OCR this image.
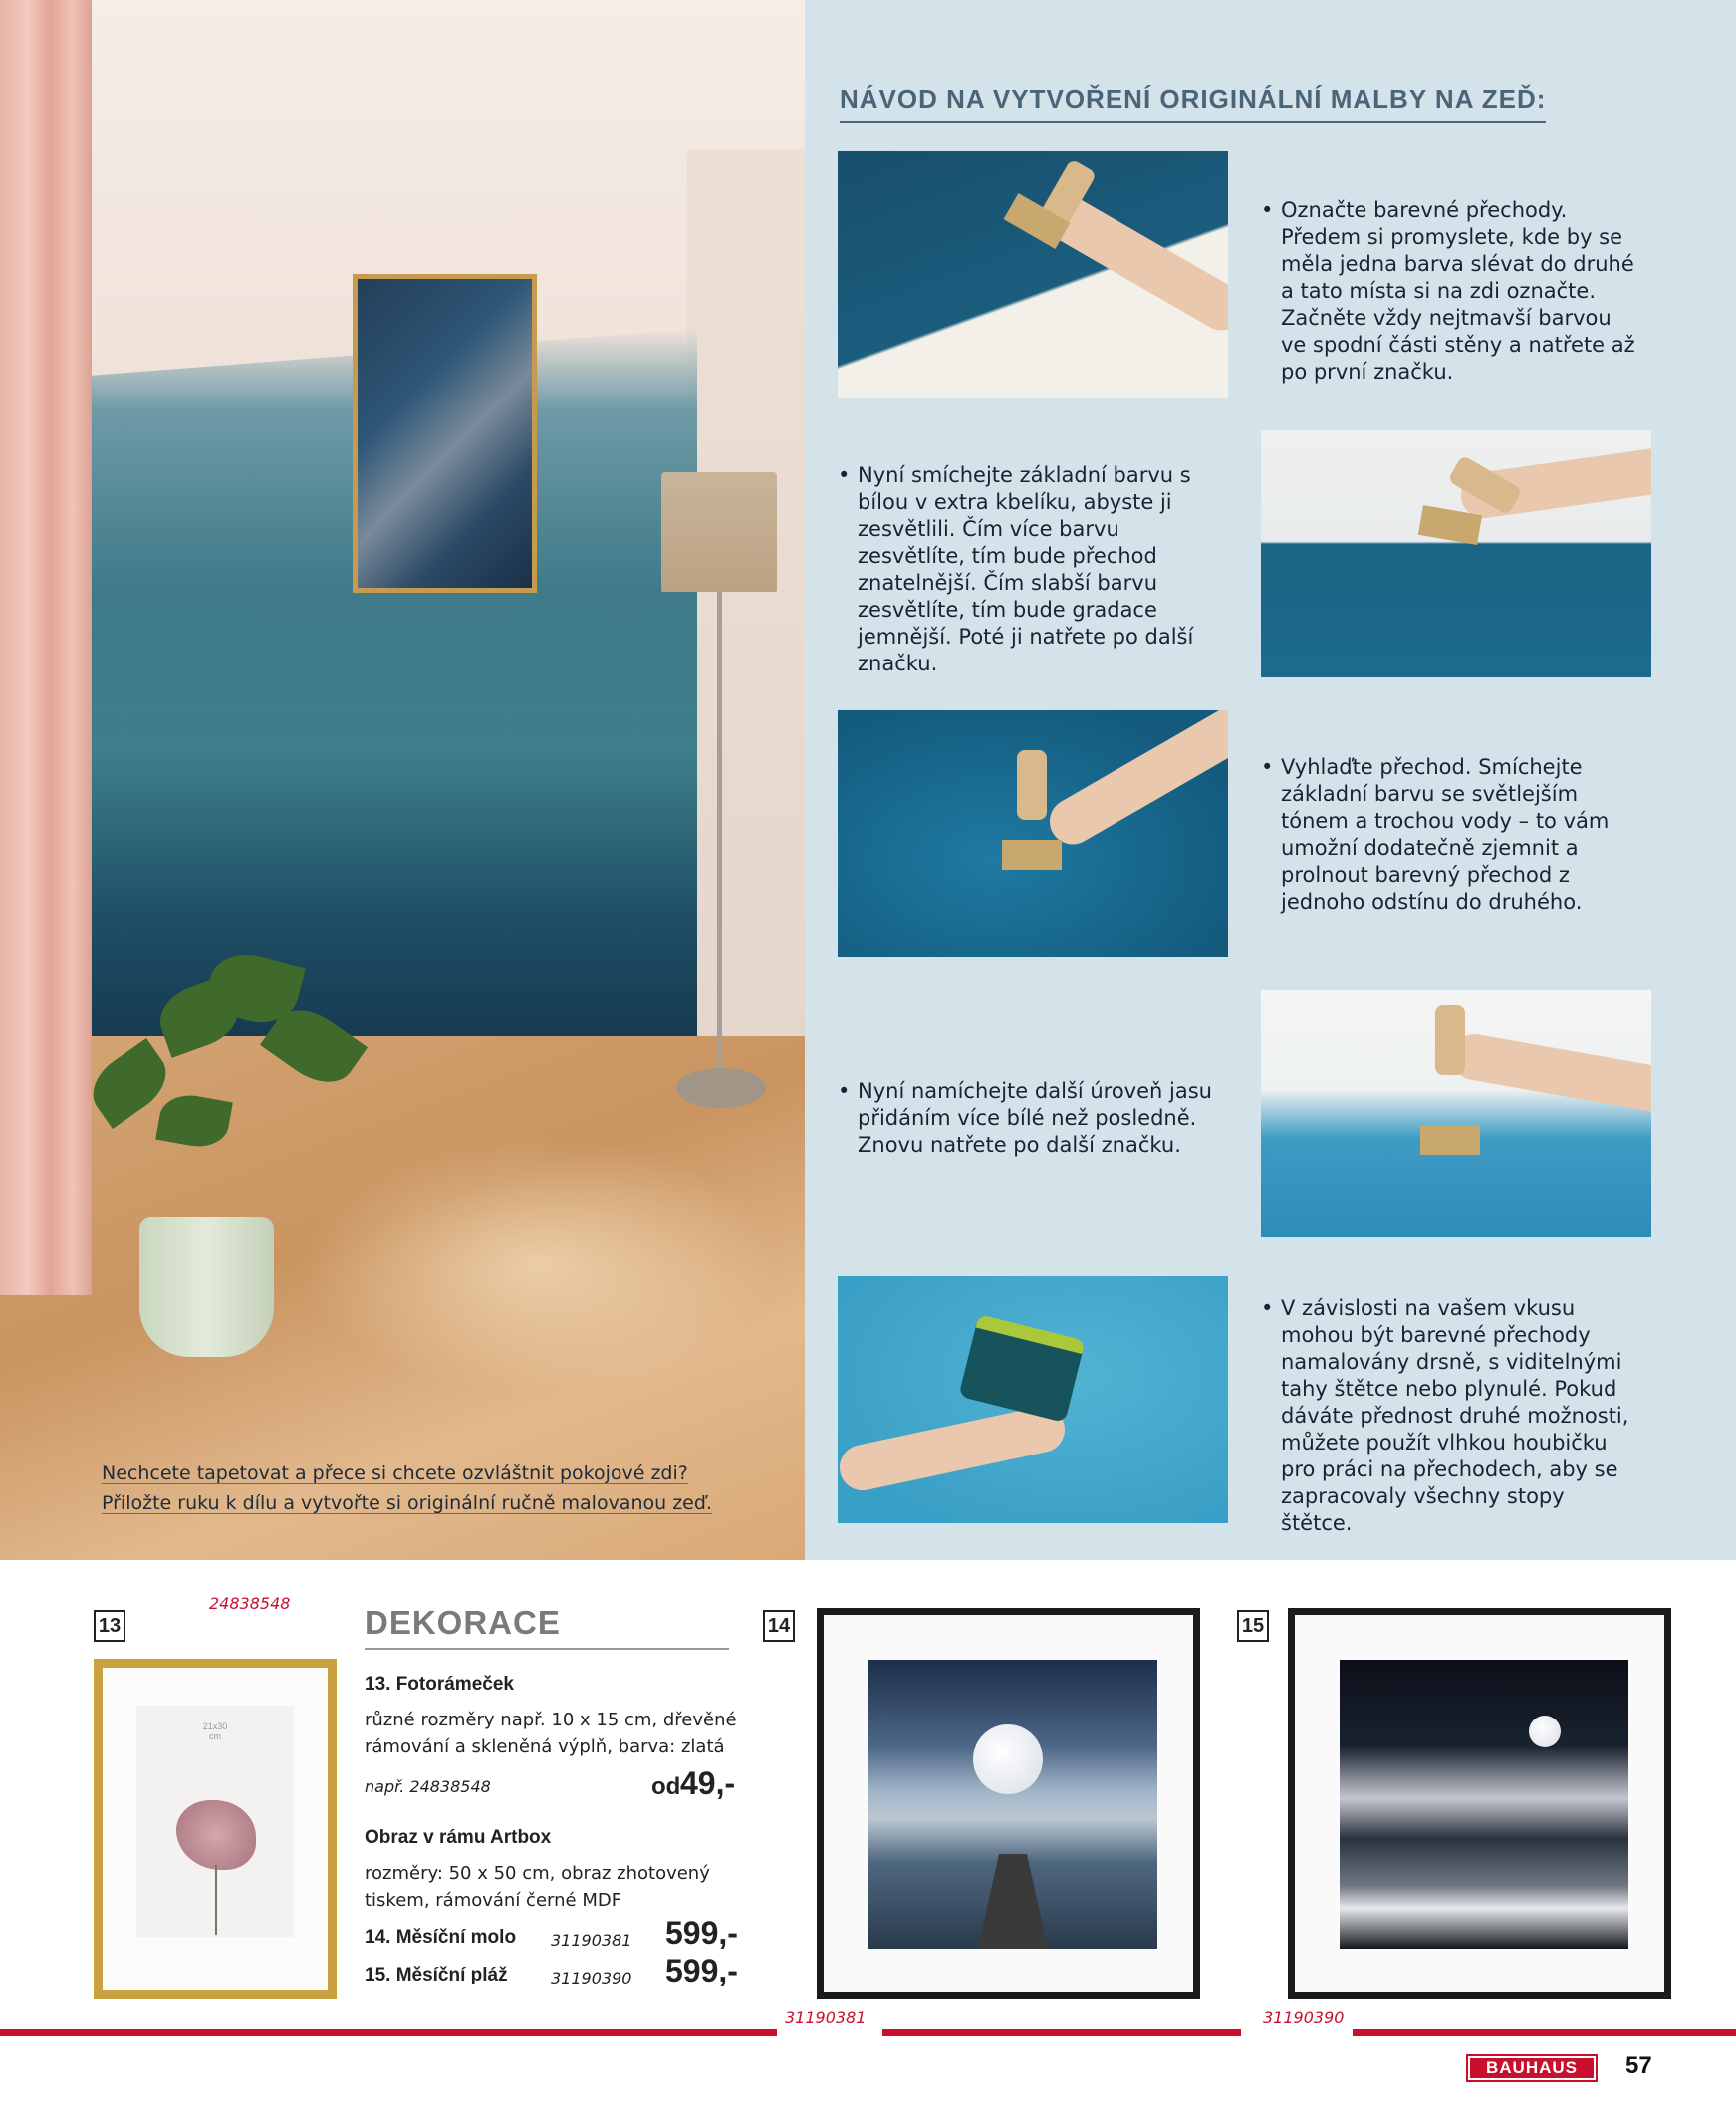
Nechcete tapetovat a přece si chcete ozvláštnit pokojové zdi?

Přiložte ruku k dílu a vytvořte si originální ručně malovanou zeď.

NÁVOD NA VYTVOŘENÍ ORIGINÁLNÍ MALBY NA ZEĎ:
• Označte barevné přechody. Předem si promyslete, kde by se měla jedna barva slévat do druhé a tato místa si na zdi označte. Začněte vždy nejtmavší barvou ve spodní části stěny a natřete až po první značku.
• Nyní smíchejte základní barvu s bílou v extra kbelíku, abyste ji zesvětlili. Čím více barvu zesvětlíte, tím bude přechod znatelnější. Čím slabší barvu zesvětlíte, tím bude gradace jemnější. Poté ji natřete po další značku.
• Vyhlaďte přechod. Smíchejte základní barvu se světlejším tónem a trochou vody – to vám umožní dodatečně zjemnit a prolnout barevný přechod z jednoho odstínu do druhého.
• Nyní namíchejte další úroveň jasu přidáním více bílé než posledně. Znovu natřete po další značku.
• V závislosti na vašem vkusu mohou být barevné přechody namalovány drsně, s viditelnými tahy štětce nebo plynulé. Pokud dáváte přednost druhé možnosti, můžete použít vlhkou houbičku pro práci na přechodech, aby se zapracovaly všechny stopy štětce.
13
24838548
21x30 cm
DEKORACE
13. Fotorámeček
různé rozměry např. 10 x 15 cm, dřevěné
rámování a skleněná výplň, barva: zlatá
např. 24838548	od 49,-
Obraz v rámu Artbox
rozměry: 50 x 50 cm, obraz zhotovený
tiskem, rámování černé MDF
14. Měsíční molo 31190381 599,-
15. Měsíční pláž	31190390 599,-
14
31190381
15
31190390
BAUHAUS	57
